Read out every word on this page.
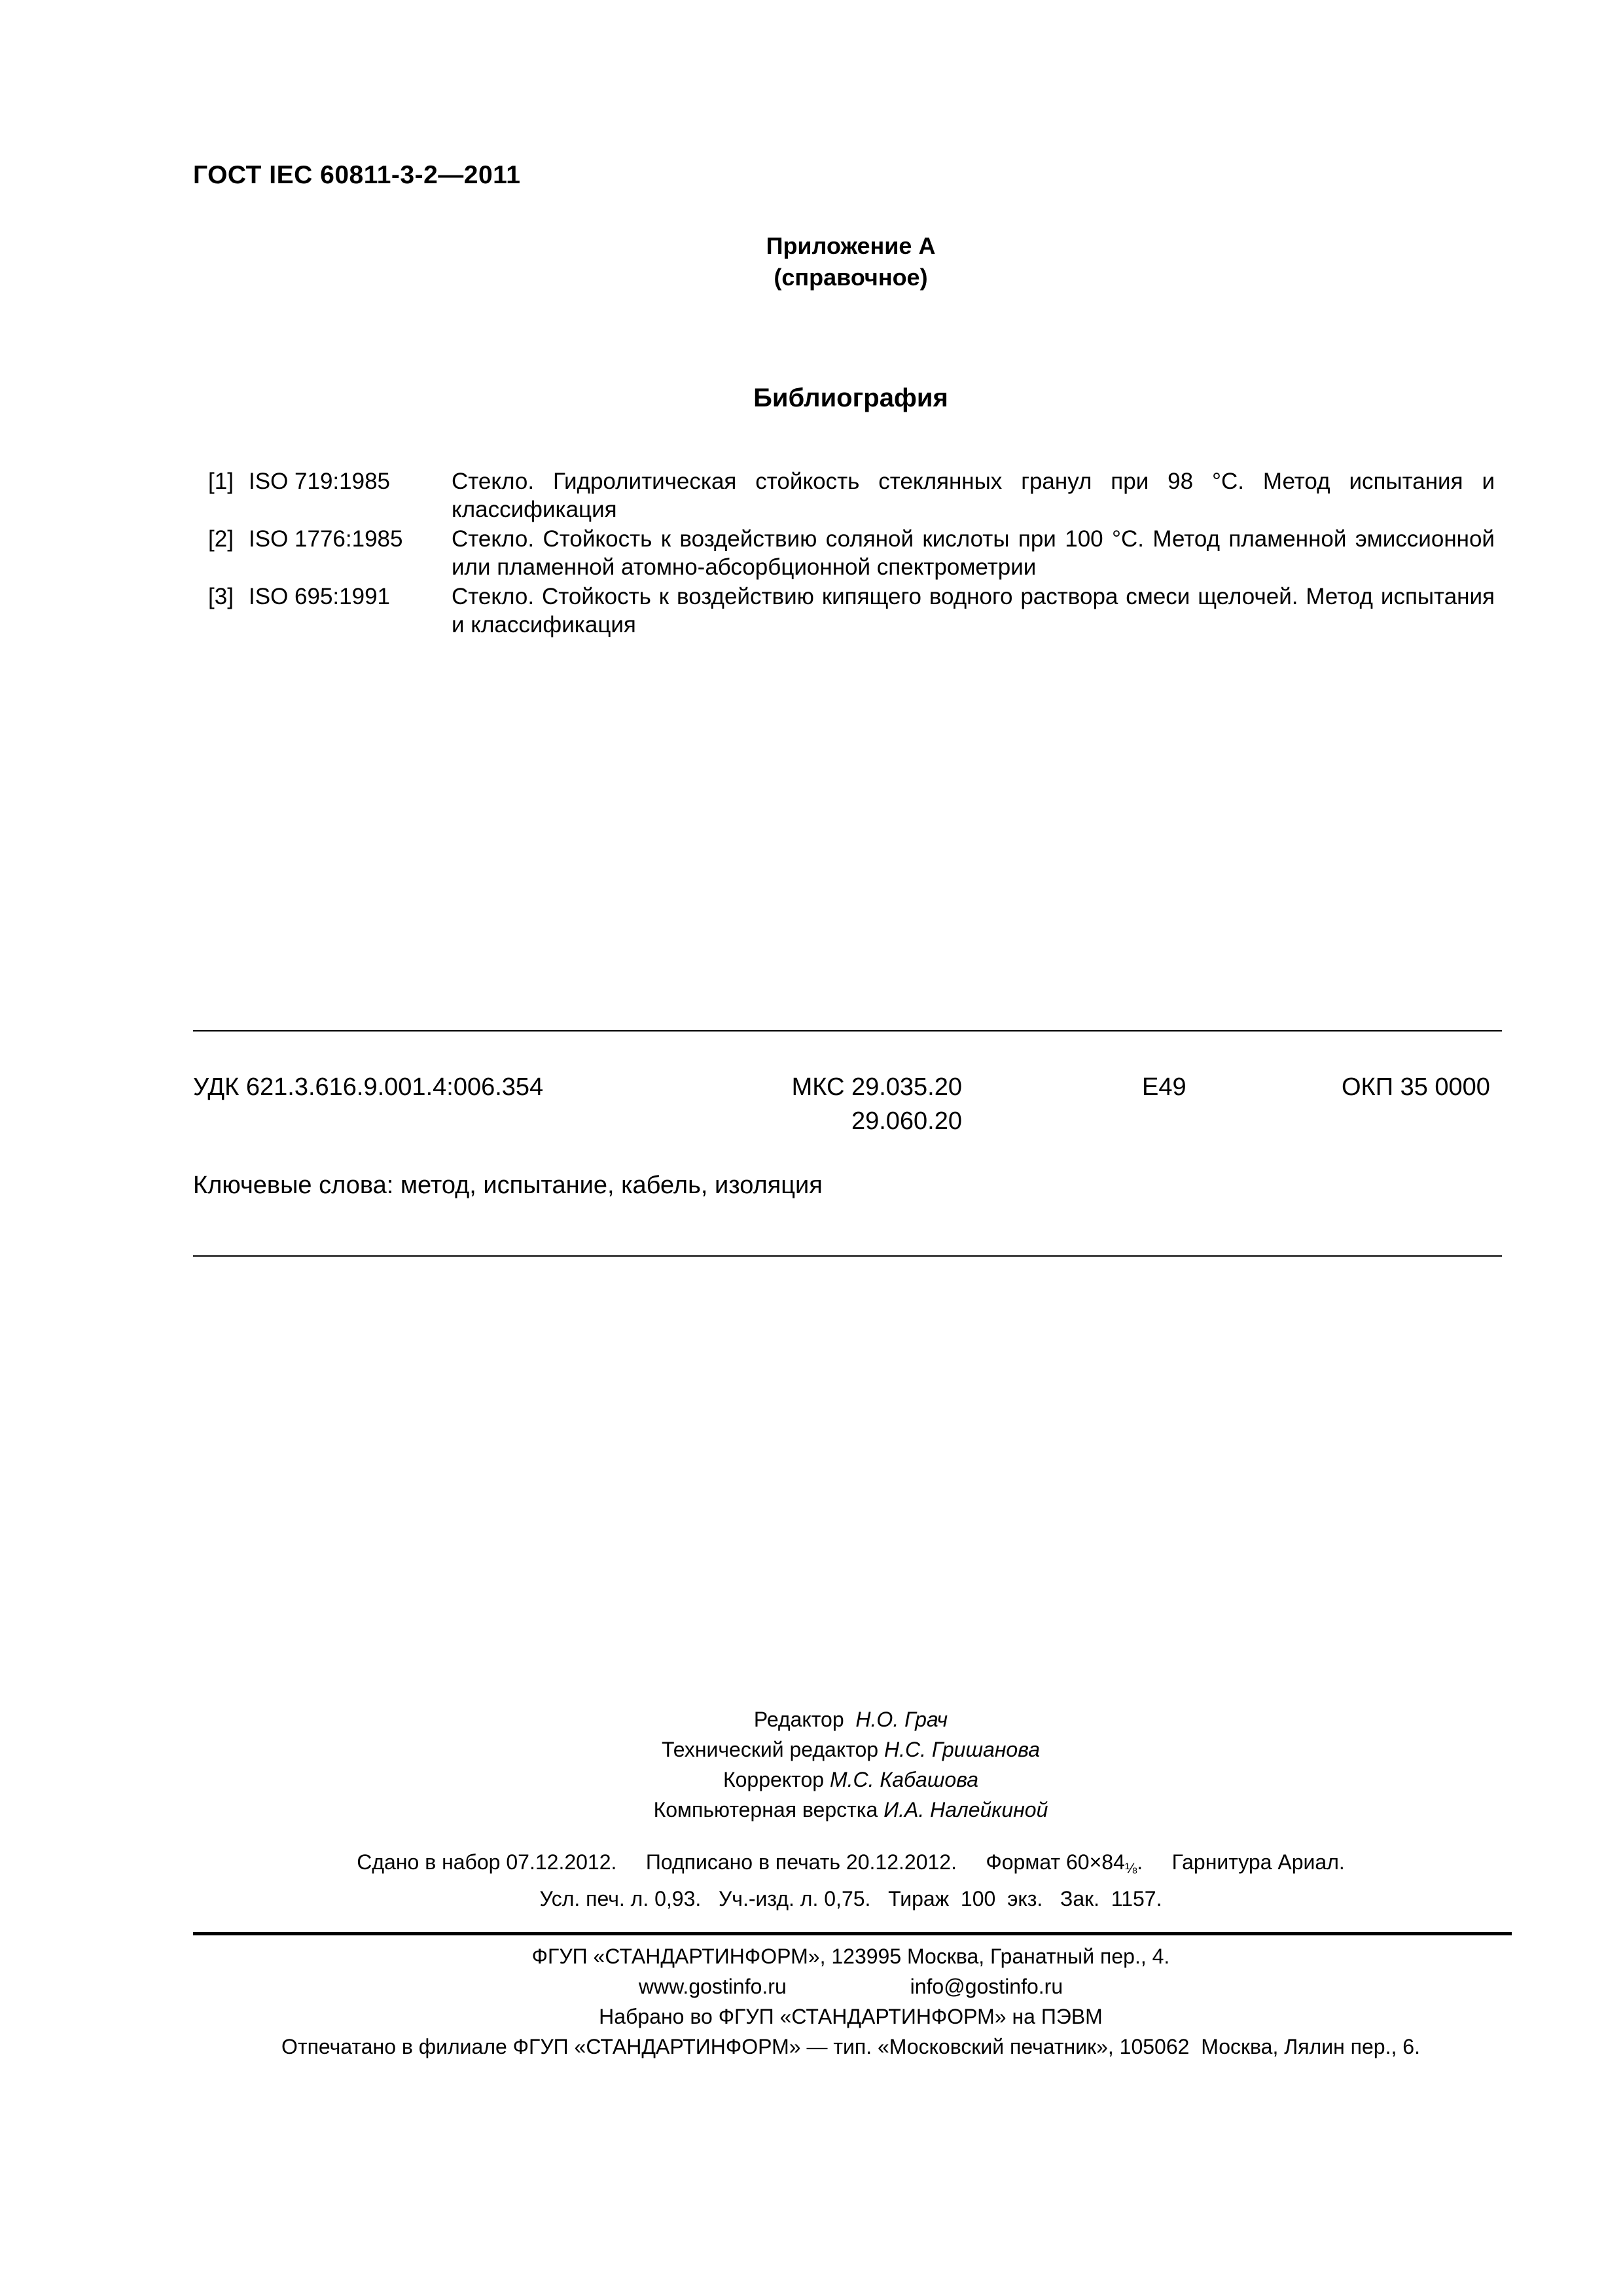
ГОСТ IEC 60811-3-2—2011
Приложение А
(справочное)
Библиография
[1] ISO 719:1985	Стекло. Гидролитическая стойкость стеклянных гранул при 98 °С. Метод испытания и классификация
[2] ISO 1776:1985 Стекло. Стойкость к воздействию соляной кислоты при 100 °С. Метод пламенной эмиссионной или пламенной атомно-абсорбционной спектрометрии
[3] ISO 695:1991	Стекло. Стойкость к воздействию кипящего водного раствора смеси щелочей. Метод испытания и классификация
УДК 621.3.616.9.001.4:006.354	МКС 29.035.20
29.060.20
Е49	ОКП 35 0000
Ключевые слова: метод, испытание, кабель, изоляция
Редактор Н.О. Грач
Технический редактор Н.С. Гришанова
Корректор М.С. Кабашова
Компьютерная верстка И.А. Налейкиной
Сдано в набор 07.12.2012. Подписано в печать 20.12.2012. Формат 60×84⅛.     Гарнитура Ариал.
Усл. печ. л. 0,93.   Уч.-изд. л. 0,75.   Тираж  100  экз.   Зак.  1157.
ФГУП «СТАНДАРТИНФОРМ», 123995 Москва, Гранатный пер., 4.
www.gostinfo.ru	info@gostinfo.ru
Набрано во ФГУП «СТАНДАРТИНФОРМ» на ПЭВМ
Отпечатано в филиале ФГУП «СТАНДАРТИНФОРМ» — тип. «Московский печатник», 105062  Москва, Лялин пер., 6.
